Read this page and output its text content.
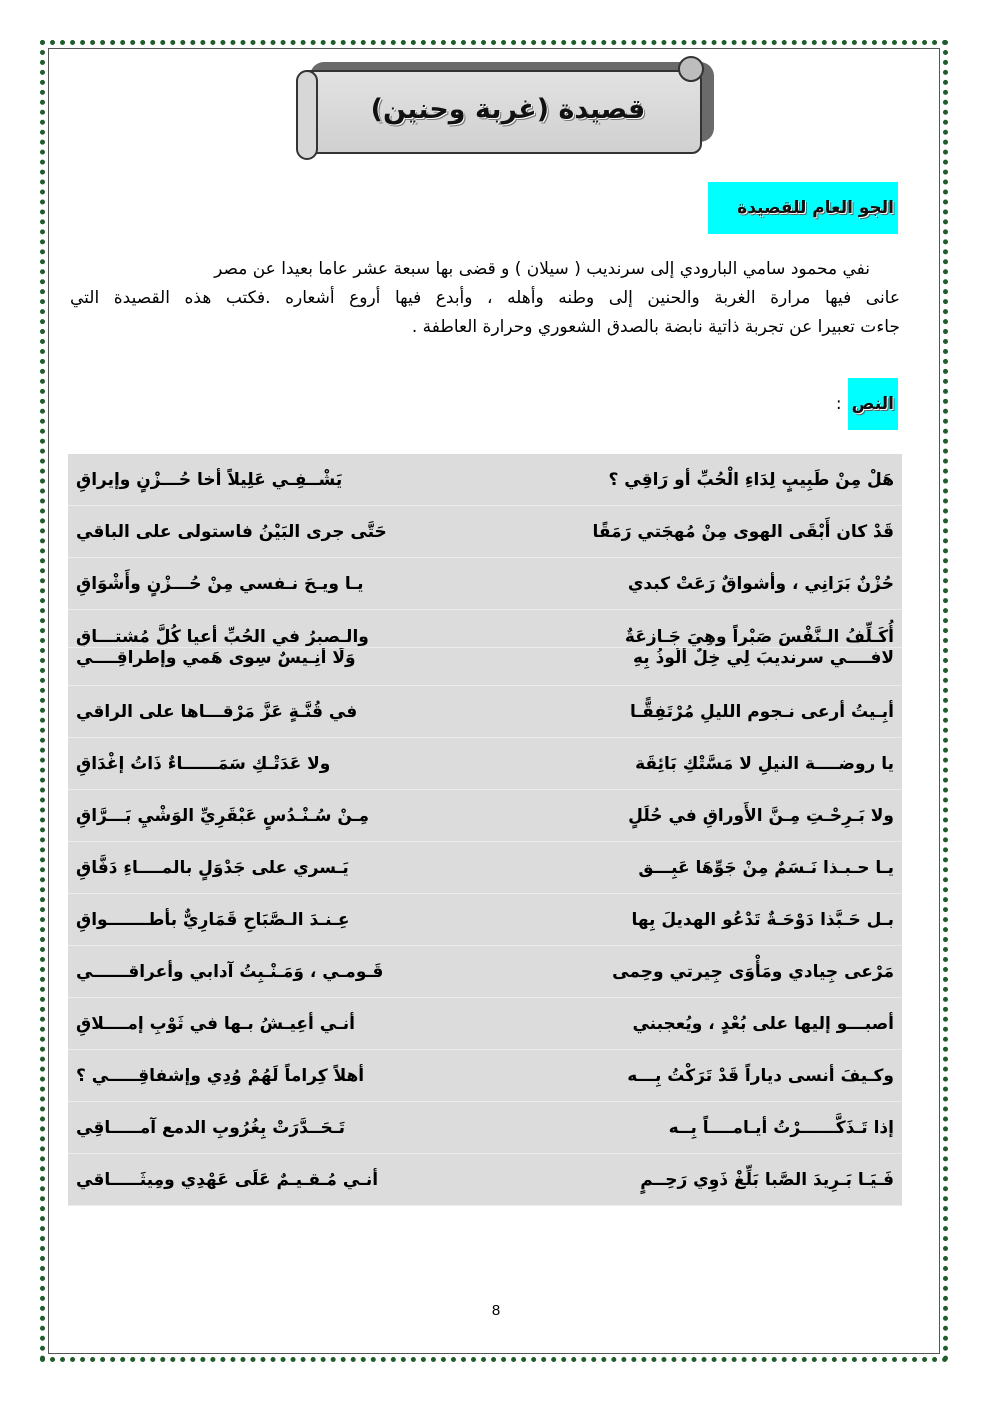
قصيدة (غربة وحنين)
الجو العام للقصيدة

نفي محمود سامي البارودي إلى سرنديب ( سيلان ) و قضى بها سبعة عشر عاما بعيدا عن مصر

عانى فيها مرارة الغربة والحنين إلى وطنه وأهله ، وأبدع فيها أروع أشعاره .فكتب هذه القصيدة التي

جاءت تعبيرا عن تجربة ذاتية نابضة بالصدق الشعوري وحرارة العاطفة .

النص
:
هَلْ مِنْ طَبِيبٍ لِدَاءِ الْحُبِّ أو رَاقِي ؟
يَشْــفِـي عَلِيلاً أخا حُـــزْنٍ وإيراقِ
قَدْ كان أَبْقَى الهوى مِنْ مُهجَتي رَمَقًا
حَتَّى جرى البَيْنُ فاستولى على الباقي
حُزْنٌ بَرَانِي ، وأشواقٌ رَعَتْ كبدي
يـا ويـحَ نـفسي مِنْ حُـــزْنٍ وأَشْوَاقِ
أُكَـلِّفُ الـنَّفْسَ صَبْراً وهِيَ جَـازِعَةٌ
والـصبرُ في الحُبِّ أعيا كُلَّ مُشتـــاقِ
لافــــي سرنديبَ لِي خِلٌ أَلُوذُ بِهِ
وَلَا أَنِـيسٌ سِوى هَمي وإطراقِــــي
أبِـيتُ أرعى نـجوم الليلِ مُرْتَفِقًّـا
في قُنَّـةٍ عَزَّ مَرْقـــاها على الراقي
يا روضــــة النيلِ لا مَسَّتْكِ بَائِقَة
ولا عَدَتْـكِ سَمَــــــاءٌ ذَاتُ إغْدَاقِ
ولا بَـرِحْـتِ مِـنَّ الأَوراقِ في حُلَلٍ
مِـنْ سُـنْـدُسٍ عَبْقَرِيِّ الوَشْيِ بَـــرَّاقِ
يـا حـبـذا نَـسَمٌ مِنْ جَوِّهَا عَبِـــق
يَـسري على جَدْوَلٍ بالمــــاءِ دَفَّاقِ
بـل حَـبَّذا دَوْحَـةٌ تَدْعُو الهديلَ بِها
عِـنـدَ الـصَّبَاحِ قَمَارِيٌّ بأطـــــــواقِ
مَرْعى جِيادي ومَأْوَى جِيرتي وحِمى
قَـومـي ، وَمَـنْـبِتُ آدابي وأعراقــــــي
أصبـــو إليها على بُعْدٍ ، ويُعجبني
أنـي أعِيـشُ بـها في ثَوْبِ إمــــلاقِ
وكـيفَ أنسى دياراً قَدْ تَرَكْتُ بِـــه
أهلاً كِراماً لَهُمْ وُدِي وإشفاقِـــــي ؟
إذا تَـذَكَّــــــرْتُ أيـامــــاً بِــه
تَـحَــدَّرَتْ بِغُرُوبِ الدمع آمـــــاقِي
فَـيَـا بَـرِيدَ الصَّبا بَلِّغْ ذَوِي رَحِــمٍ
أنـي مُـقـيـمٌ عَلَى عَهْدِي ومِيثَـــــاقي
8
